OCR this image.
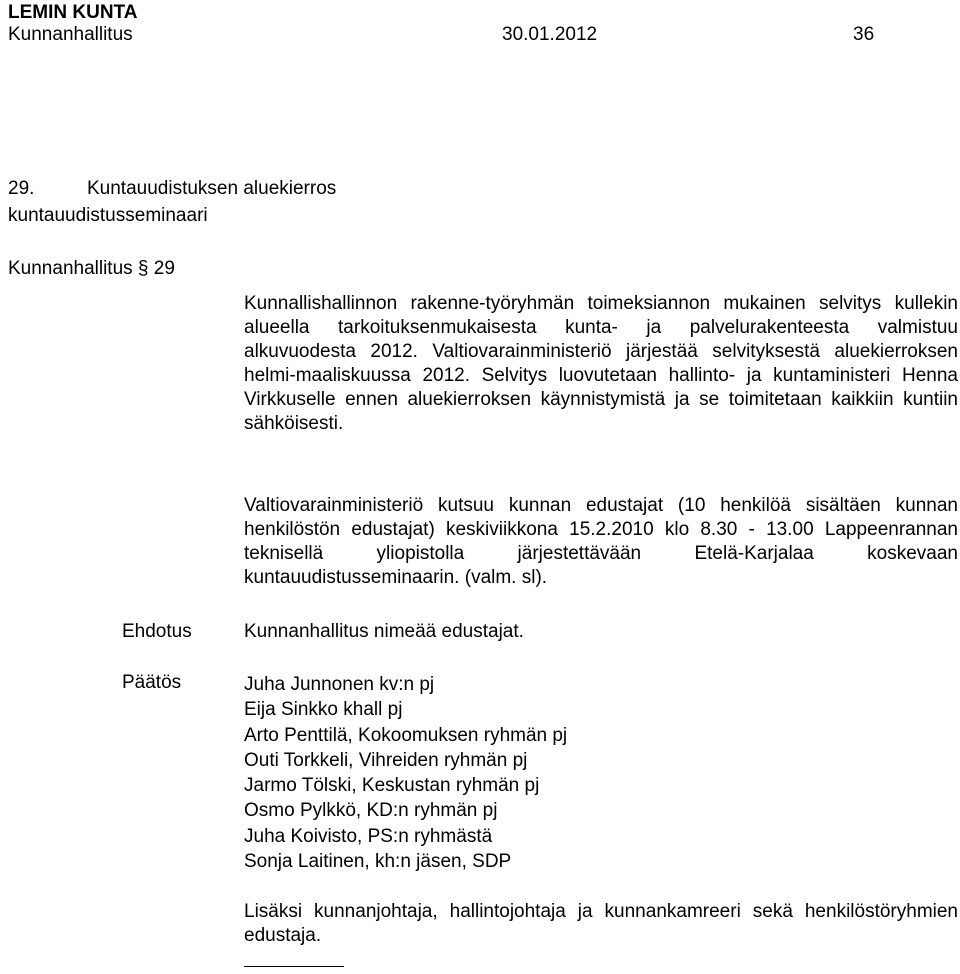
LEMIN KUNTA
Kunnanhallitus	30.01.2012	36
29.	Kuntauudistuksen aluekierros
kuntauudistusseminaari
Kunnanhallitus § 29
Kunnallishallinnon rakenne-työryhmän toimeksiannon mukainen selvitys kullekin alueella tarkoituksenmukaisesta kunta- ja palvelurakenteesta valmistuu alkuvuodesta 2012. Valtiovarainministeriö järjestää selvityksestä aluekierroksen helmi-maaliskuussa 2012. Selvitys luovutetaan hallinto- ja kuntaministeri Henna Virkkuselle ennen aluekierroksen käynnistymistä ja se toimitetaan kaikkiin kuntiin sähköisesti.
Valtiovarainministeriö kutsuu kunnan edustajat (10 henkilöä sisältäen kunnan henkilöstön edustajat) keskiviikkona 15.2.2010 klo 8.30 - 13.00 Lappeenrannan teknisellä yliopistolla järjestettävään Etelä-Karjalaa koskevaan kuntauudistusseminaarin. (valm. sl).
Ehdotus	Kunnanhallitus nimeää edustajat.
Päätös	Juha Junnonen kv:n pj
Eija Sinkko khall pj
Arto Penttilä, Kokoomuksen ryhmän pj
Outi Torkkeli, Vihreiden ryhmän pj
Jarmo Tölski, Keskustan ryhmän pj
Osmo Pylkkö, KD:n ryhmän pj
Juha Koivisto, PS:n ryhmästä
Sonja Laitinen, kh:n jäsen, SDP
Lisäksi kunnanjohtaja, hallintojohtaja ja kunnankamreeri sekä henkilöstöryhmien edustaja.
